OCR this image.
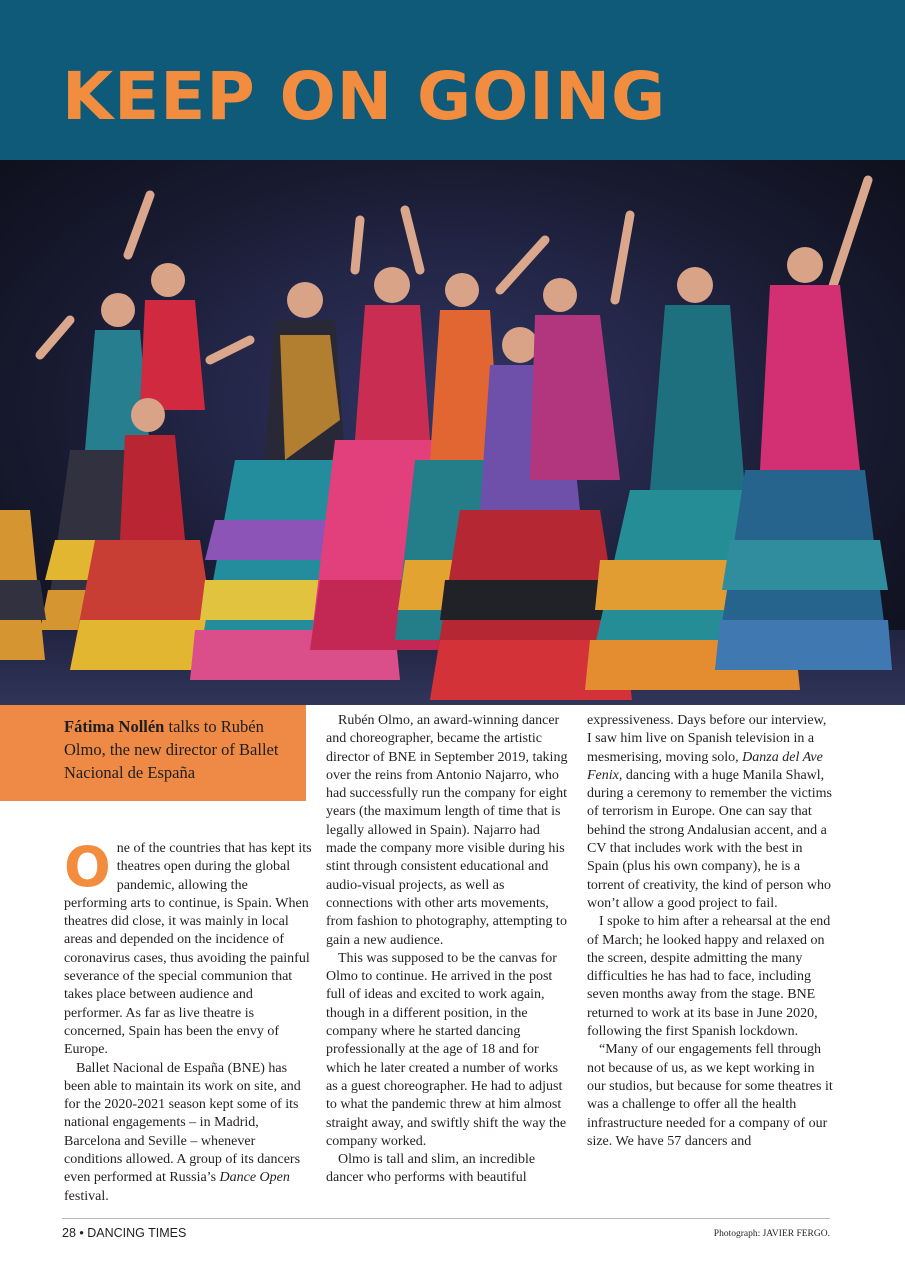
KEEP ON GOING

Fátima Nollén talks to Rubén Olmo, the new director of Ballet Nacional de España

One of the countries that has kept its theatres open during the global pandemic, allowing the performing arts to continue, is Spain. When theatres did close, it was mainly in local areas and depended on the incidence of coronavirus cases, thus avoiding the painful severance of the special communion that takes place between audience and performer. As far as live theatre is concerned, Spain has been the envy of Europe.

Ballet Nacional de España (BNE) has been able to maintain its work on site, and for the 2020-2021 season kept some of its national engagements – in Madrid, Barcelona and Seville – whenever conditions allowed. A group of its dancers even performed at Russia’s Dance Open festival.

Rubén Olmo, an award-winning dancer and choreographer, became the artistic director of BNE in September 2019, taking over the reins from Antonio Najarro, who had successfully run the company for eight years (the maximum length of time that is legally allowed in Spain). Najarro had made the company more visible during his stint through consistent educational and audio-visual projects, as well as connections with other arts movements, from fashion to photography, attempting to gain a new audience.

This was supposed to be the canvas for Olmo to continue. He arrived in the post full of ideas and excited to work again, though in a different position, in the company where he started dancing professionally at the age of 18 and for which he later created a number of works as a guest choreographer. He had to adjust to what the pandemic threw at him almost straight away, and swiftly shift the way the company worked.

Olmo is tall and slim, an incredible dancer who performs with beautiful

expressiveness. Days before our interview, I saw him live on Spanish television in a mesmerising, moving solo, Danza del Ave Fenix, dancing with a huge Manila Shawl, during a ceremony to remember the victims of terrorism in Europe. One can say that behind the strong Andalusian accent, and a CV that includes work with the best in Spain (plus his own company), he is a torrent of creativity, the kind of person who won’t allow a good project to fail.

I spoke to him after a rehearsal at the end of March; he looked happy and relaxed on the screen, despite admitting the many difficulties he has had to face, including seven months away from the stage. BNE returned to work at its base in June 2020, following the first Spanish lockdown.

“Many of our engagements fell through not because of us, as we kept working in our studios, but because for some theatres it was a challenge to offer all the health infrastructure needed for a company of our size. We have 57 dancers and

28 • DANCING TIMES	Photograph: JAVIER FERGO.
